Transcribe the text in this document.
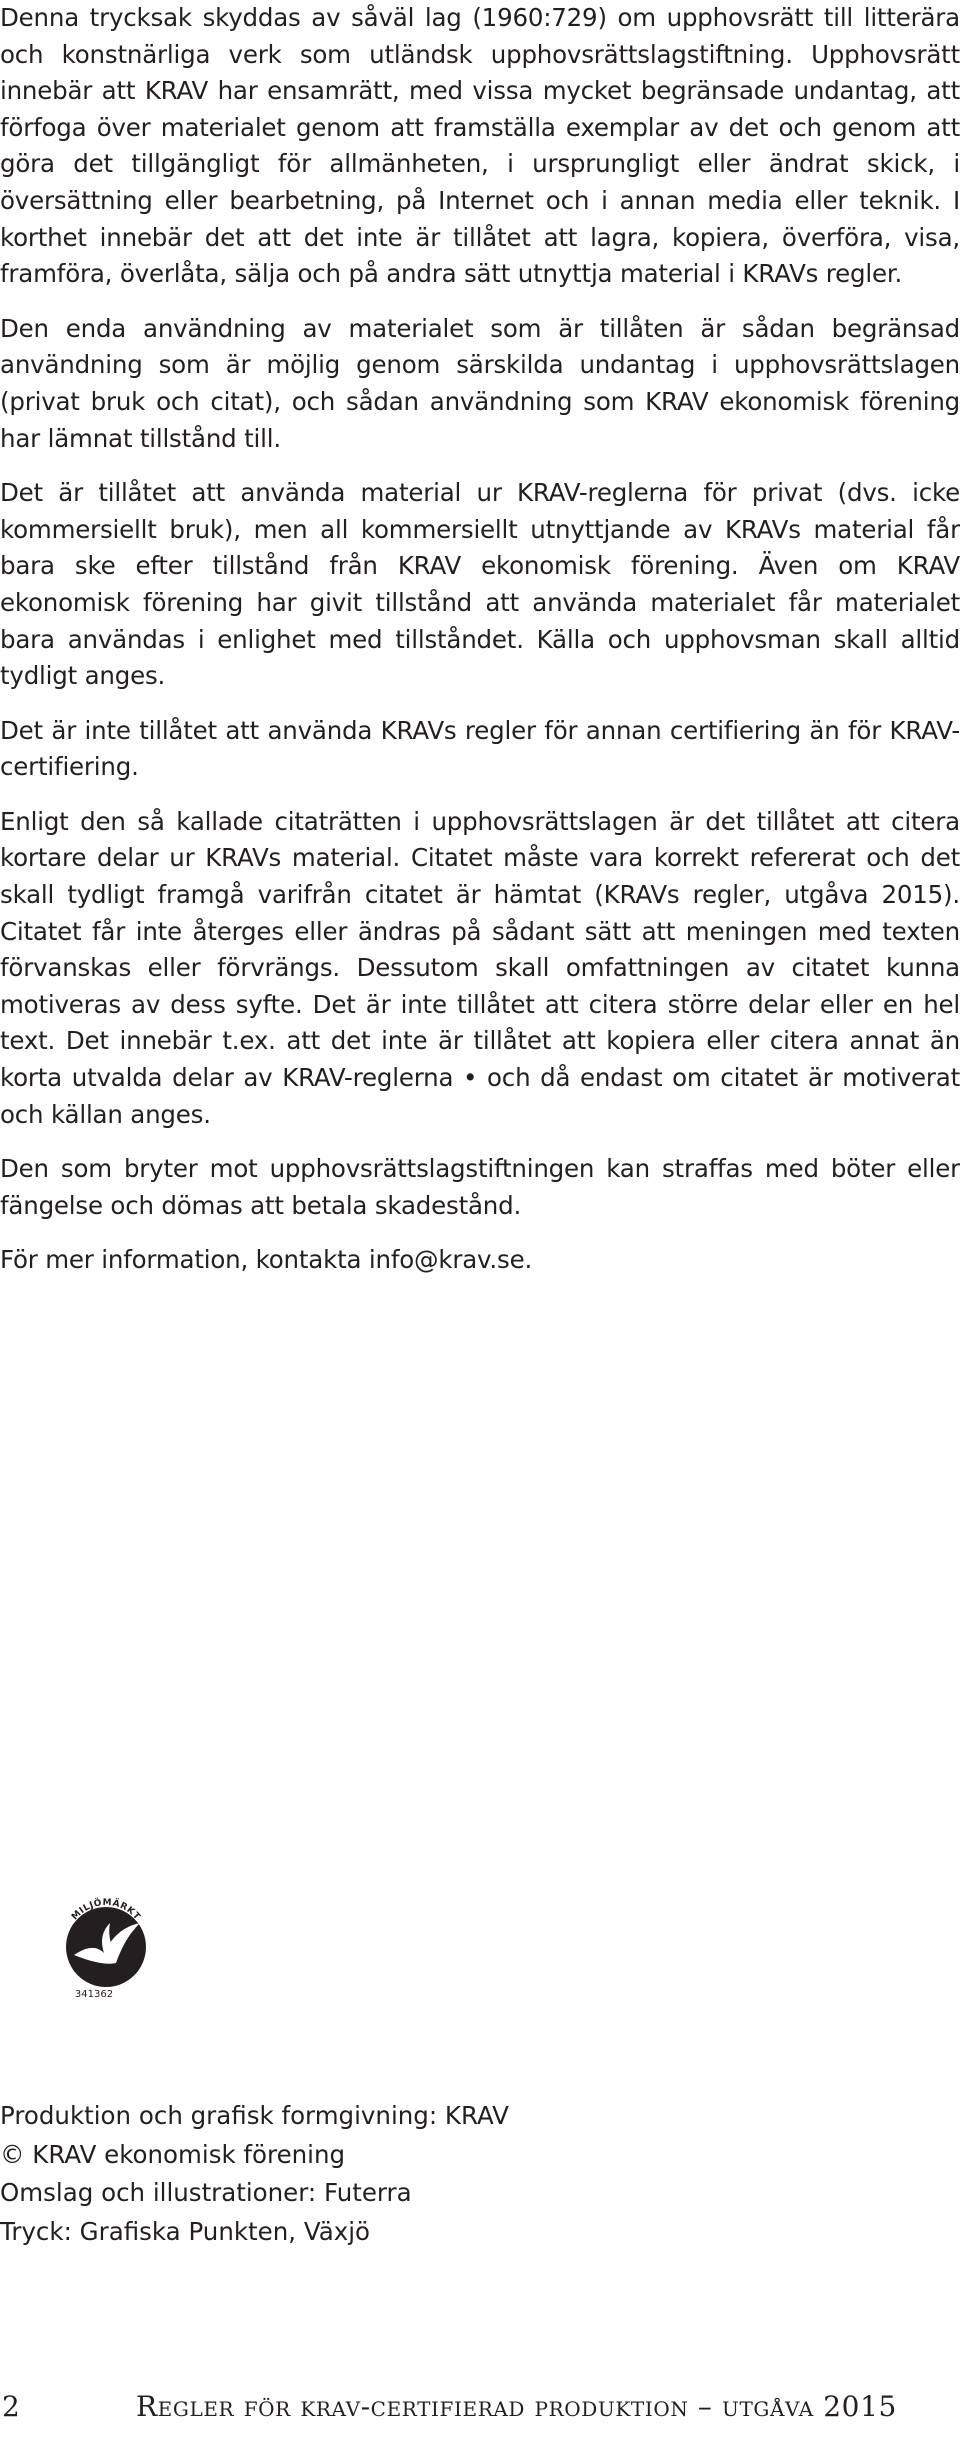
Denna trycksak skyddas av såväl lag (1960:729) om upphovsrätt till litterära och konstnärliga verk som utländsk upphovsrättslagstiftning. Upphovsrätt innebär att KRAV har ensamrätt, med vissa mycket begränsade undantag, att förfoga över materialet genom att framställa exemplar av det och genom att göra det tillgängligt för allmänheten, i ursprungligt eller ändrat skick, i översättning eller bearbetning, på Internet och i annan media eller teknik. I korthet innebär det att det inte är tillåtet att lagra, kopiera, överföra, visa, framföra, överlåta, sälja och på andra sätt utnyttja material i KRAVs regler.

Den enda användning av materialet som är tillåten är sådan begränsad användning som är möjlig genom särskilda undantag i upphovsrättslagen (privat bruk och citat), och sådan användning som KRAV ekonomisk förening har lämnat tillstånd till.

Det är tillåtet att använda material ur KRAV-reglerna för privat (dvs. icke kommersiellt bruk), men all kommersiellt utnyttjande av KRAVs material får bara ske efter tillstånd från KRAV ekonomisk förening. Även om KRAV ekonomisk förening har givit tillstånd att använda materialet får materialet bara användas i enlighet med tillståndet. Källa och upphovsman skall alltid tydligt anges.

Det är inte tillåtet att använda KRAVs regler för annan certifiering än för KRAV-certifiering.

Enligt den så kallade citaträtten i upphovsrättslagen är det tillåtet att citera kortare delar ur KRAVs material. Citatet måste vara korrekt refererat och det skall tydligt framgå varifrån citatet är hämtat (KRAVs regler, utgåva 2015). Citatet får inte återges eller ändras på sådant sätt att meningen med texten förvanskas eller förvrängs. Dessutom skall omfattningen av citatet kunna motiveras av dess syfte. Det är inte tillåtet att citera större delar eller en hel text. Det innebär t.ex. att det inte är tillåtet att kopiera eller citera annat än korta utvalda delar av KRAV-reglerna • och då endast om citatet är motiverat och källan anges.

Den som bryter mot upphovsrättslagstiftningen kan straffas med böter eller fängelse och dömas att betala skadestånd.

För mer information, kontakta info@krav.se.

MILJÖMÄRKT
341362
Produktion och grafisk formgivning: KRAV
© KRAV ekonomisk förening
Omslag och illustrationer: Futerra
Tryck: Grafiska Punkten, Växjö
2	Regler för krav-certifierad produktion – utgåva 2015
